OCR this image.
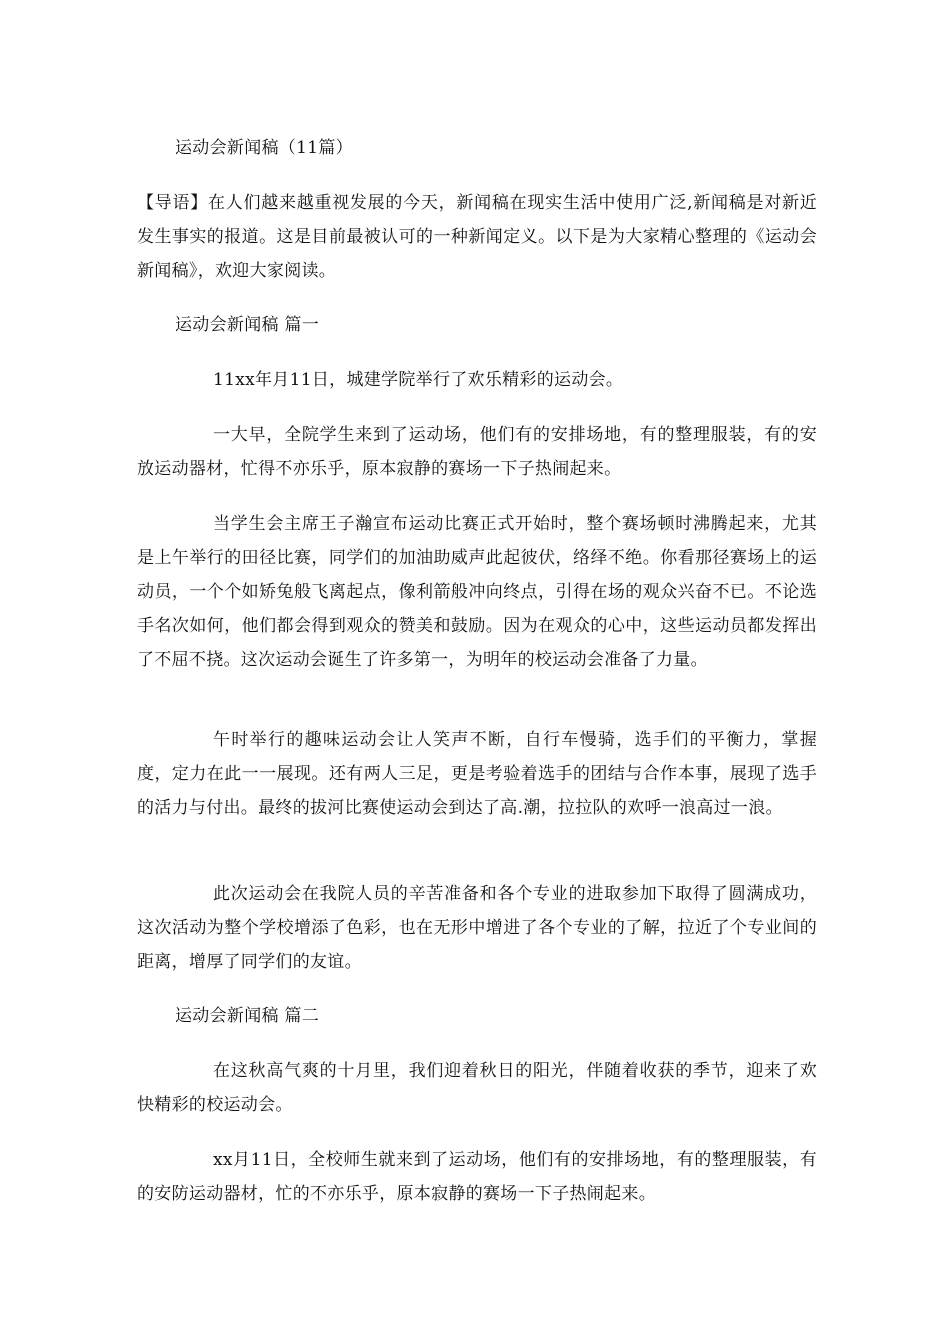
运动会新闻稿（11篇）
【导语】在人们越来越重视发展的今天，新闻稿在现实生活中使用广泛,新闻稿是对新近发生事实的报道。这是目前最被认可的一种新闻定义。以下是为大家精心整理的《运动会新闻稿》，欢迎大家阅读。
运动会新闻稿 篇一
11xx年月11日，城建学院举行了欢乐精彩的运动会。
一大早，全院学生来到了运动场，他们有的安排场地，有的整理服装，有的安放运动器材，忙得不亦乐乎，原本寂静的赛场一下子热闹起来。
当学生会主席王子瀚宣布运动比赛正式开始时，整个赛场顿时沸腾起来，尤其是上午举行的田径比赛，同学们的加油助威声此起彼伏，络绎不绝。你看那径赛场上的运动员，一个个如矫兔般飞离起点，像利箭般冲向终点，引得在场的观众兴奋不已。不论选手名次如何，他们都会得到观众的赞美和鼓励。因为在观众的心中，这些运动员都发挥出了不屈不挠。这次运动会诞生了许多第一，为明年的校运动会准备了力量。
午时举行的趣味运动会让人笑声不断，自行车慢骑，选手们的平衡力，掌握度，定力在此一一展现。还有两人三足，更是考验着选手的团结与合作本事，展现了选手的活力与付出。最终的拔河比赛使运动会到达了高.潮，拉拉队的欢呼一浪高过一浪。
此次运动会在我院人员的辛苦准备和各个专业的进取参加下取得了圆满成功，这次活动为整个学校增添了色彩，也在无形中增进了各个专业的了解，拉近了个专业间的距离，增厚了同学们的友谊。
运动会新闻稿 篇二
在这秋高气爽的十月里，我们迎着秋日的阳光，伴随着收获的季节，迎来了欢快精彩的校运动会。
xx月11日，全校师生就来到了运动场，他们有的安排场地，有的整理服装，有的安防运动器材，忙的不亦乐乎，原本寂静的赛场一下子热闹起来。
